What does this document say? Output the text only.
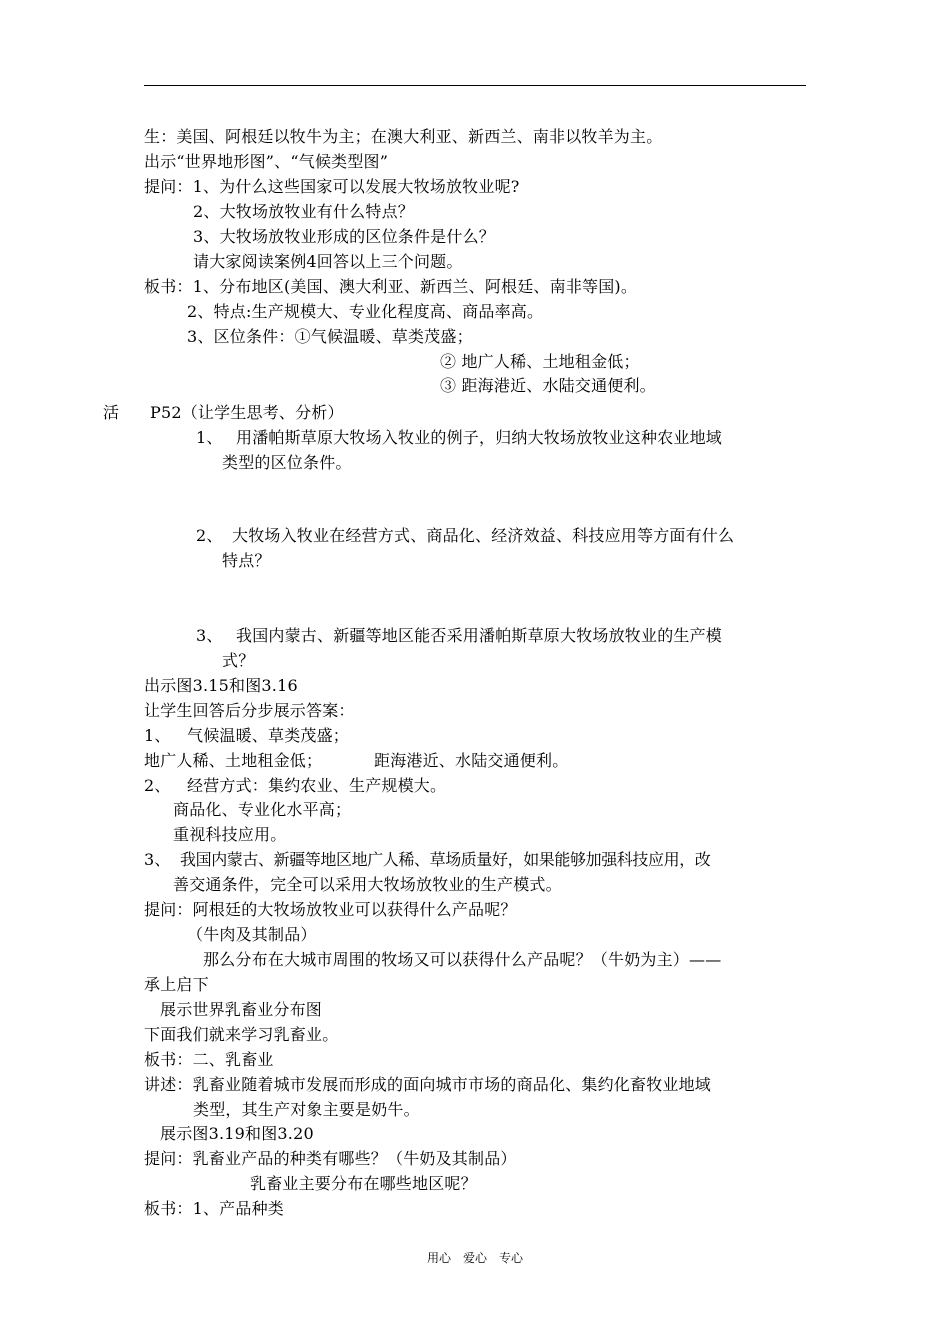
生：美国、阿根廷以牧牛为主；在澳大利亚、新西兰、南非以牧羊为主。
出示“世界地形图”、“气候类型图”
提问：1、为什么这些国家可以发展大牧场放牧业呢?
2、大牧场放牧业有什么特点？
3、大牧场放牧业形成的区位条件是什么？
请大家阅读案例4回答以上三个问题。
板书：1、分布地区(美国、澳大利亚、新西兰、阿根廷、南非等国)。
2、特点:生产规模大、专业化程度高、商品率高。
3、区位条件：①气候温暖、草类茂盛；
② 地广人稀、土地租金低；
③ 距海港近、水陆交通便利。
活 P52（让学生思考、分析）
1、 用潘帕斯草原大牧场入牧业的例子，归纳大牧场放牧业这种农业地域
类型的区位条件。
2、 大牧场入牧业在经营方式、商品化、经济效益、科技应用等方面有什么
特点？
3、 我国内蒙古、新疆等地区能否采用潘帕斯草原大牧场放牧业的生产模
式？
出示图3.15和图3.16
让学生回答后分步展示答案：
1、 气候温暖、草类茂盛；
地广人稀、土地租金低；	距海港近、水陆交通便利。
2、 经营方式：集约农业、生产规模大。
商品化、专业化水平高；
重视科技应用。
3、 我国内蒙古、新疆等地区地广人稀、草场质量好，如果能够加强科技应用，改
善交通条件，完全可以采用大牧场放牧业的生产模式。
提问：阿根廷的大牧场放牧业可以获得什么产品呢？
（牛肉及其制品）
那么分布在大城市周围的牧场又可以获得什么产品呢？（牛奶为主）——
承上启下
展示世界乳畜业分布图
下面我们就来学习乳畜业。
板书：二、乳畜业
讲述：乳畜业随着城市发展而形成的面向城市市场的商品化、集约化畜牧业地域
类型，其生产对象主要是奶牛。
展示图3.19和图3.20
提问：乳畜业产品的种类有哪些？（牛奶及其制品）
乳畜业主要分布在哪些地区呢？
板书：1、产品种类
用心　爱心　专心
